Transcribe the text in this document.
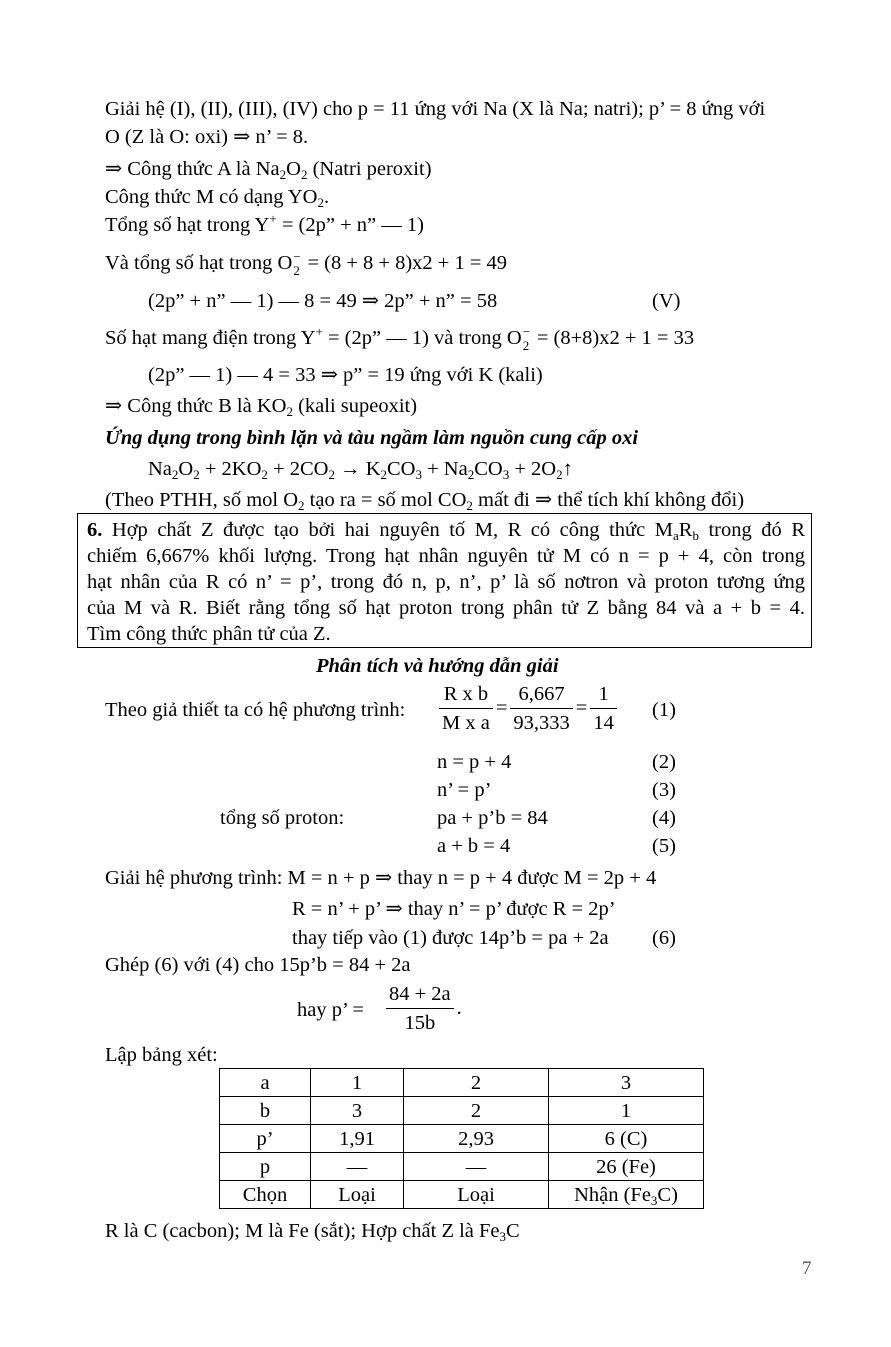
Giải hệ (I), (II), (III), (IV) cho p = 11 ứng với Na (X là Na; natri); p’ = 8 ứng với
O (Z là O: oxi) ⇒ n’ = 8.
⇒ Công thức A là $Na_2O_2$ (Natri peroxit)
Công thức M có dạng $YO_2$.
Tổng số hạt trong Y+ = (2p” + n” — 1)
Và tổng số hạt trong O −
2 = (8 + 8 + 8)x2 + 1 = 49
(2p” + n” — 1) — 8 = 49 ⇒ 2p” + n” = 58	(V)
Số hạt mang điện trong Y+ = (2p” — 1) và trong O −
2 = (8+8)x2 + 1 = 33
(2p” — 1) — 4 = 33 ⇒ p” = 19 ứng với K (kali)
⇒ Công thức B là $KO_2$ (kali supeoxit)
Ứng dụng trong bình lặn và tàu ngầm làm nguồn cung cấp oxi
$Na_2O_2 + 2KO_2 + 2CO_2 \to K_2CO_3 + Na_2CO_3$ + $2O_2↑$
(Theo PTHH, số mol $O_2$ tạo ra = số mol $CO_2$ mất đi ⇒ thể tích khí không đổi)
6. Hợp chất Z được tạo bởi hai nguyên tố M, R có công thức $M_aR_b$ trong đó R
chiếm 6,667% khối lượng. Trong hạt nhân nguyên tử M có n = p + 4, còn trong
hạt nhân của R có n’ = p’, trong đó n, p, n’, p’ là số nơtron và proton tương ứng
của M và R. Biết rằng tổng số hạt proton trong phân tử Z bằng 84 và a + b = 4.
Tìm công thức phân tử của Z.
Phân tích và hướng dẫn giải
Theo giả thiết ta có hệ phương trình: $\frac{\text{R x b}}{\text{M x a}} = \frac{6,667}{93,333} = \frac{1}{14} (1)$
n = p + 4	(2)
n’ = p’	(3)
tổng số proton:	pa + p’b = 84	(4)
a + b = 4	(5)
Giải hệ phương trình: M = n + p ⇒ thay n = p + 4 được M = 2p + 4
R = n’ + p’ ⇒ thay n’ = p’ được R = 2p’
thay tiếp vào (1) được 14p’b = pa + 2a (6)
Ghép (6) với (4) cho 15p’b = 84 + 2a
hay p’ = $\frac{84 + 2a}{15b}$ .
Lập bảng xét:
a	1	2	3
b	3	2	1
p’	1,91	2,93	6 (C)
p	—	—	26 (Fe)
Chọn	Loại	Loại	Nhận $(Fe_3C)$
R là C (cacbon); M là Fe (sắt); Hợp chất Z là $Fe_3C$
7
